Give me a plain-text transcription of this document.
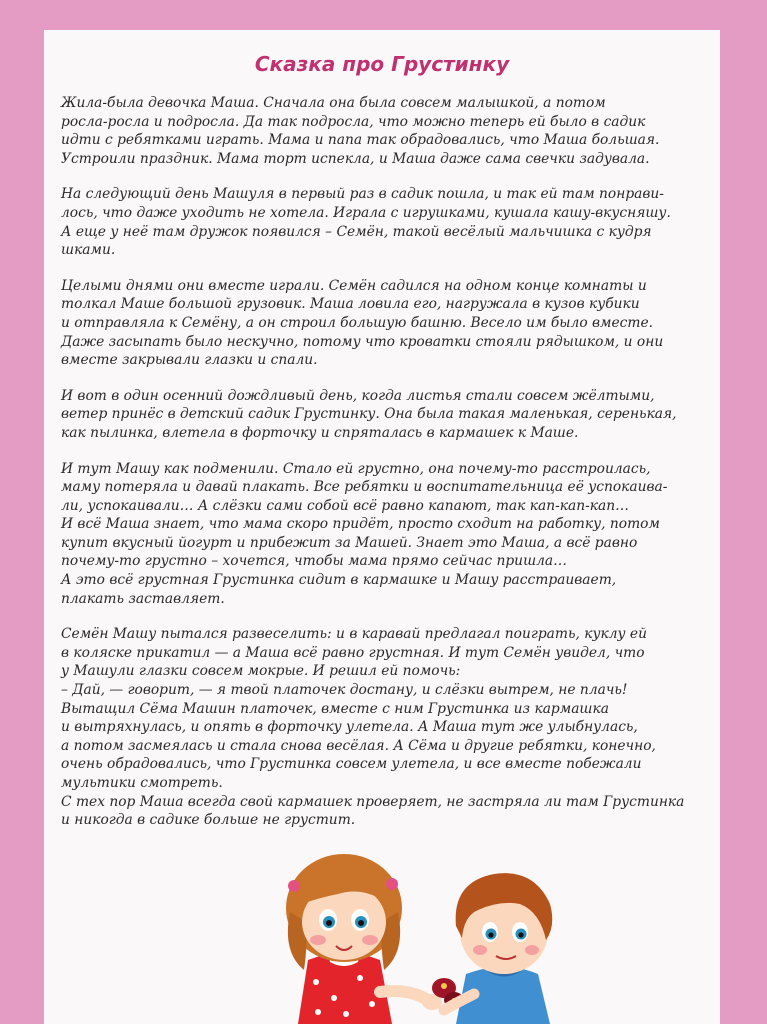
Сказка про Грустинку

Жила-была девочка Маша. Сначала она была совсем малышкой, а потом
росла-росла и подросла. Да так подросла, что можно теперь ей было в садик
идти с ребятками играть. Мама и папа так обрадовались, что Маша большая.
Устроили праздник. Мама торт испекла, и Маша даже сама свечки задувала.

На следующий день Машуля в первый раз в садик пошла, и так ей там понрави-
лось, что даже уходить не хотела. Играла с игрушками, кушала кашу-вкусняшу.
А еще у неё там дружок появился – Семён, такой весёлый мальчишка с кудря
шками.

Целыми днями они вместе играли. Семён садился на одном конце комнаты и
толкал Маше большой грузовик. Маша ловила его, нагружала в кузов кубики
и отправляла к Семёну, а он строил большую башню. Весело им было вместе.
Даже засыпать было нескучно, потому что кроватки стояли рядышком, и они
вместе закрывали глазки и спали.

И вот в один осенний дождливый день, когда листья стали совсем жёлтыми,
ветер принёс в детский садик Грустинку. Она была такая маленькая, серенькая,
как пылинка, влетела в форточку и спряталась в кармашек к Маше.

И тут Машу как подменили. Стало ей грустно, она почему-то расстроилась,
маму потеряла и давай плакать. Все ребятки и воспитательница её успокаива-
ли, успокаивали… А слёзки сами собой всё равно капают, так кап-кап-кап…
И всё Маша знает, что мама скоро придёт, просто сходит на работку, потом
купит вкусный йогурт и прибежит за Машей. Знает это Маша, а всё равно
почему-то грустно – хочется, чтобы мама прямо сейчас пришла…
А это всё грустная Грустинка сидит в кармашке и Машу расстраивает,
плакать заставляет.

Семён Машу пытался развеселить: и в каравай предлагал поиграть, куклу ей
в коляске прикатил — а Маша всё равно грустная. И тут Семён увидел, что
у Машули глазки совсем мокрые. И решил ей помочь:
– Дай, — говорит, — я твой платочек достану, и слёзки вытрем, не плачь!
Вытащил Сёма Машин платочек, вместе с ним Грустинка из кармашка
и вытряхнулась, и опять в форточку улетела. А Маша тут же улыбнулась,
а потом засмеялась и стала снова весёлая. А Сёма и другие ребятки, конечно,
очень обрадовались, что Грустинка совсем улетела, и все вместе побежали
мультики смотреть.
С тех пор Маша всегда свой кармашек проверяет, не застряла ли там Грустинка
и никогда в садике больше не грустит.
